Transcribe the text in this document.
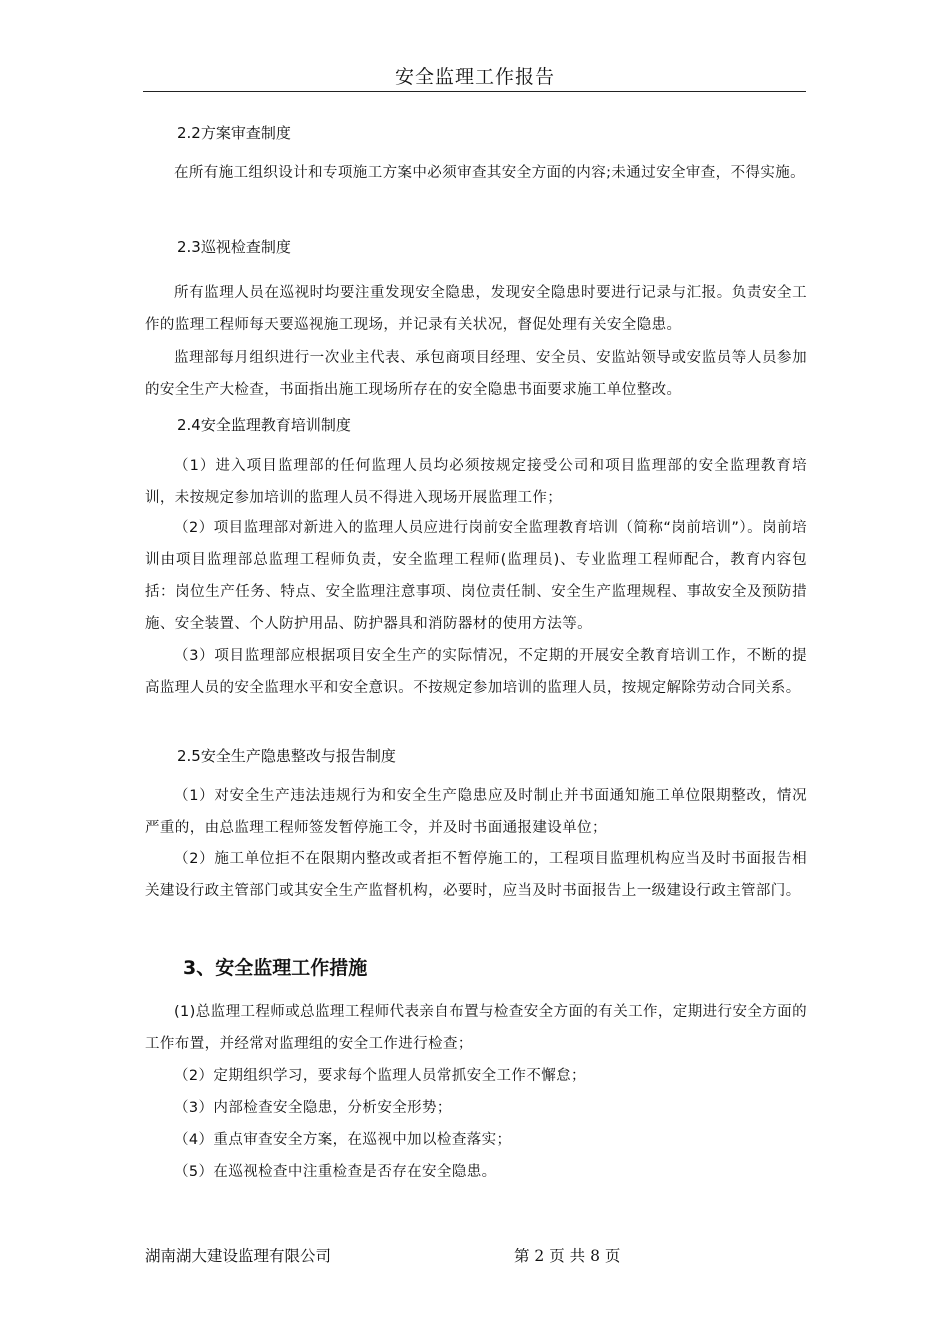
安全监理工作报告
2.2方案审查制度
在所有施工组织设计和专项施工方案中必须审查其安全方面的内容;未通过安全审查，不得实施。
2.3巡视检查制度
所有监理人员在巡视时均要注重发现安全隐患，发现安全隐患时要进行记录与汇报。负责安全工作的监理工程师每天要巡视施工现场，并记录有关状况，督促处理有关安全隐患。
监理部每月组织进行一次业主代表、承包商项目经理、安全员、安监站领导或安监员等人员参加的安全生产大检查，书面指出施工现场所存在的安全隐患书面要求施工单位整改。
2.4安全监理教育培训制度
（1）进入项目监理部的任何监理人员均必须按规定接受公司和项目监理部的安全监理教育培训，未按规定参加培训的监理人员不得进入现场开展监理工作；
（2）项目监理部对新进入的监理人员应进行岗前安全监理教育培训（简称“岗前培训”）。岗前培训由项目监理部总监理工程师负责，安全监理工程师(监理员)、专业监理工程师配合，教育内容包括：岗位生产任务、特点、安全监理注意事项、岗位责任制、安全生产监理规程、事故安全及预防措施、安全装置、个人防护用品、防护器具和消防器材的使用方法等。
（3）项目监理部应根据项目安全生产的实际情况，不定期的开展安全教育培训工作，不断的提高监理人员的安全监理水平和安全意识。不按规定参加培训的监理人员，按规定解除劳动合同关系。
2.5安全生产隐患整改与报告制度
（1）对安全生产违法违规行为和安全生产隐患应及时制止并书面通知施工单位限期整改，情况严重的，由总监理工程师签发暂停施工令，并及时书面通报建设单位；
（2）施工单位拒不在限期内整改或者拒不暂停施工的，工程项目监理机构应当及时书面报告相关建设行政主管部门或其安全生产监督机构，必要时，应当及时书面报告上一级建设行政主管部门。
3、安全监理工作措施
(1)总监理工程师或总监理工程师代表亲自布置与检查安全方面的有关工作，定期进行安全方面的工作布置，并经常对监理组的安全工作进行检查；
（2）定期组织学习，要求每个监理人员常抓安全工作不懈怠；
（3）内部检查安全隐患，分析安全形势；
（4）重点审查安全方案，在巡视中加以检查落实；
（5）在巡视检查中注重检查是否存在安全隐患。
湖南湖大建设监理有限公司	第 2 页 共 8 页
